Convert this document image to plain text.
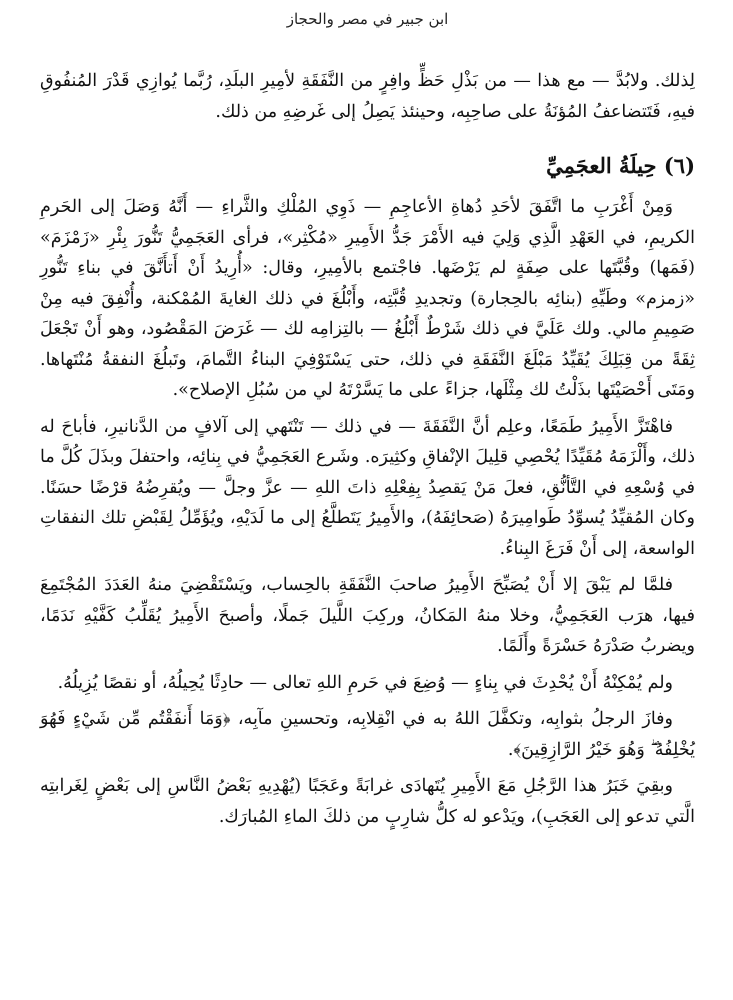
ابن جبير في مصر والحجاز

لِذلك. ولابُدَّ — مع هذا — من بَذْلِ حَظٍّ وافِرٍ من النَّفَقَةِ لأمِيرِ البلَدِ، رُبَّما يُوازِي قَدْرَ المُنفُوقِ فيهِ، فَتَتضاعفُ المُؤنَةُ على صاحِبِه، وحينئذ يَصِلُ إلى غَرضِهِ من ذلك.

(٦) حِيلَةُ العجَمِيِّ

وَمِنْ أَغْرَبِ ما اتَّفَقَ لأحَدِ دُهاةِ الأعاجِمِ — ذَوِي المُلْكِ والثَّراءِ — أَنَّهُ وَصَلَ إلى الحَرمِ الكريمِ، في العَهْدِ الَّذِي وَلِيَ فيه الأَمْرَ جَدُّ الأَمِيرِ «مُكْثِر»، فرأى العَجَمِيُّ تَنُّورَ بِئْرِ «زَمْزَمَ» (فَمَها) وقُبَّتَها على صِفَةٍ لم يَرْضَها. فاجْتمع بالأمِيرِ، وقال: «أُرِيدُ أَنْ أَتأَنَّقَ في بناءِ تَنُّورِ «زمزم» وطَيِّهِ (بنائِه بالحِجارة) وتجديدِ قُبَّتِه، وأَبْلُغَ في ذلك الغايةَ المُمْكنة، وأُنْفِقَ فيه مِنْ صَمِيمِ مالي. ولك عَلَيَّ في ذلك شَرْطٌ أَبْلُغُ — بالتِزامِه لك — غَرَضَ المَقْصُود، وهو أَنْ تَجْعَلَ ثِقَةً من قِبَلِكَ يُقَيِّدُ مَبْلَغَ النَّفَقَةِ في ذلك، حتى يَسْتَوْفِيَ البناءُ التَّمامَ، وتَبلُغَ النفقةُ مُنْتَهاها. ومَتَى أَحْصَيْتَها بذَلْتُ لك مِثْلَها، جزاءً على ما يَسَّرْتَهُ لي من سُبُلِ الإصلاح».

فاهْتَزَّ الأَمِيرُ طَمَعًا، وعلِم أنَّ النَّفَقَةَ — في ذلك — تَنْتَهي إلى آلافٍ من الدَّنانيرِ، فأباحَ له ذلك، وأَلْزَمَهُ مُقَيِّدًا يُحْصِي قلِيلَ الإنْفاقِ وكثِيرَه. وشَرع العَجَمِيُّ في بِنائِه، واحتفلَ وبذَلَ كُلَّ ما في وُسْعِهِ في التَّأنُّقِ، فعلَ مَنْ يَقصِدُ بِفِعْلِهِ ذاتَ اللهِ — عزَّ وجلَّ — ويُقرِضُهُ قرْضًا حسَنًا. وكان المُقيِّدُ يُسوِّدُ طَوامِيرَهُ (صَحائِفَهُ)، والأَمِيرُ يَتَطلَّعُ إلى ما لَدَيْهِ، ويُؤَمِّلُ لِقَبْضِ تلك النفقاتِ الواسعة، إلى أَنْ فَرَغَ البِناءُ.

فلمَّا لم يَبْقَ إلا أَنْ يُصَبِّحَ الأَمِيرُ صاحبَ النَّفَقَةِ بالحِساب، ويَسْتَقْضِيَ منهُ العَدَدَ المُجْتَمِعَ فيها، هرَب العَجَمِيُّ، وخلا منهُ المَكانُ، وركِبَ اللَّيلَ جَملًا، وأصبحَ الأَمِيرُ يُقَلِّبُ كَفَّيْهِ نَدَمًا، ويضربُ صَدْرَهُ حَسْرَةً وأَلَمًا.

ولم يُمْكِنْهُ أَنْ يُحْدِثَ في بِناءٍ — وُضِعَ في حَرمِ اللهِ تعالى — حادِثًا يُحِيلُهُ، أو نقصًا يُزِيلُهُ.

وفازَ الرجلُ بثوابِه، وتكفَّلَ اللهُ به في انْقِلابِه، وتحسينِ مآبِه، ﴿وَمَا أَنفَقْتُم مِّن شَيْءٍ فَهُوَ يُخْلِفُهُ ۖ وَهُوَ خَيْرُ الرَّازِقِينَ﴾.

وبقِيَ خَبَرُ هذا الرَّجُلِ مَعَ الأَمِيرِ يُتَهادَى غرابَةً وعَجَبًا (يُهْدِيهِ بَعْضُ النَّاسِ إلى بَعْضٍ لِغَرابتِه الَّتي تدعو إلى العَجَبِ)، ويَدْعو له كلُّ شارِبٍ من ذلكَ الماءِ المُبارَك.
